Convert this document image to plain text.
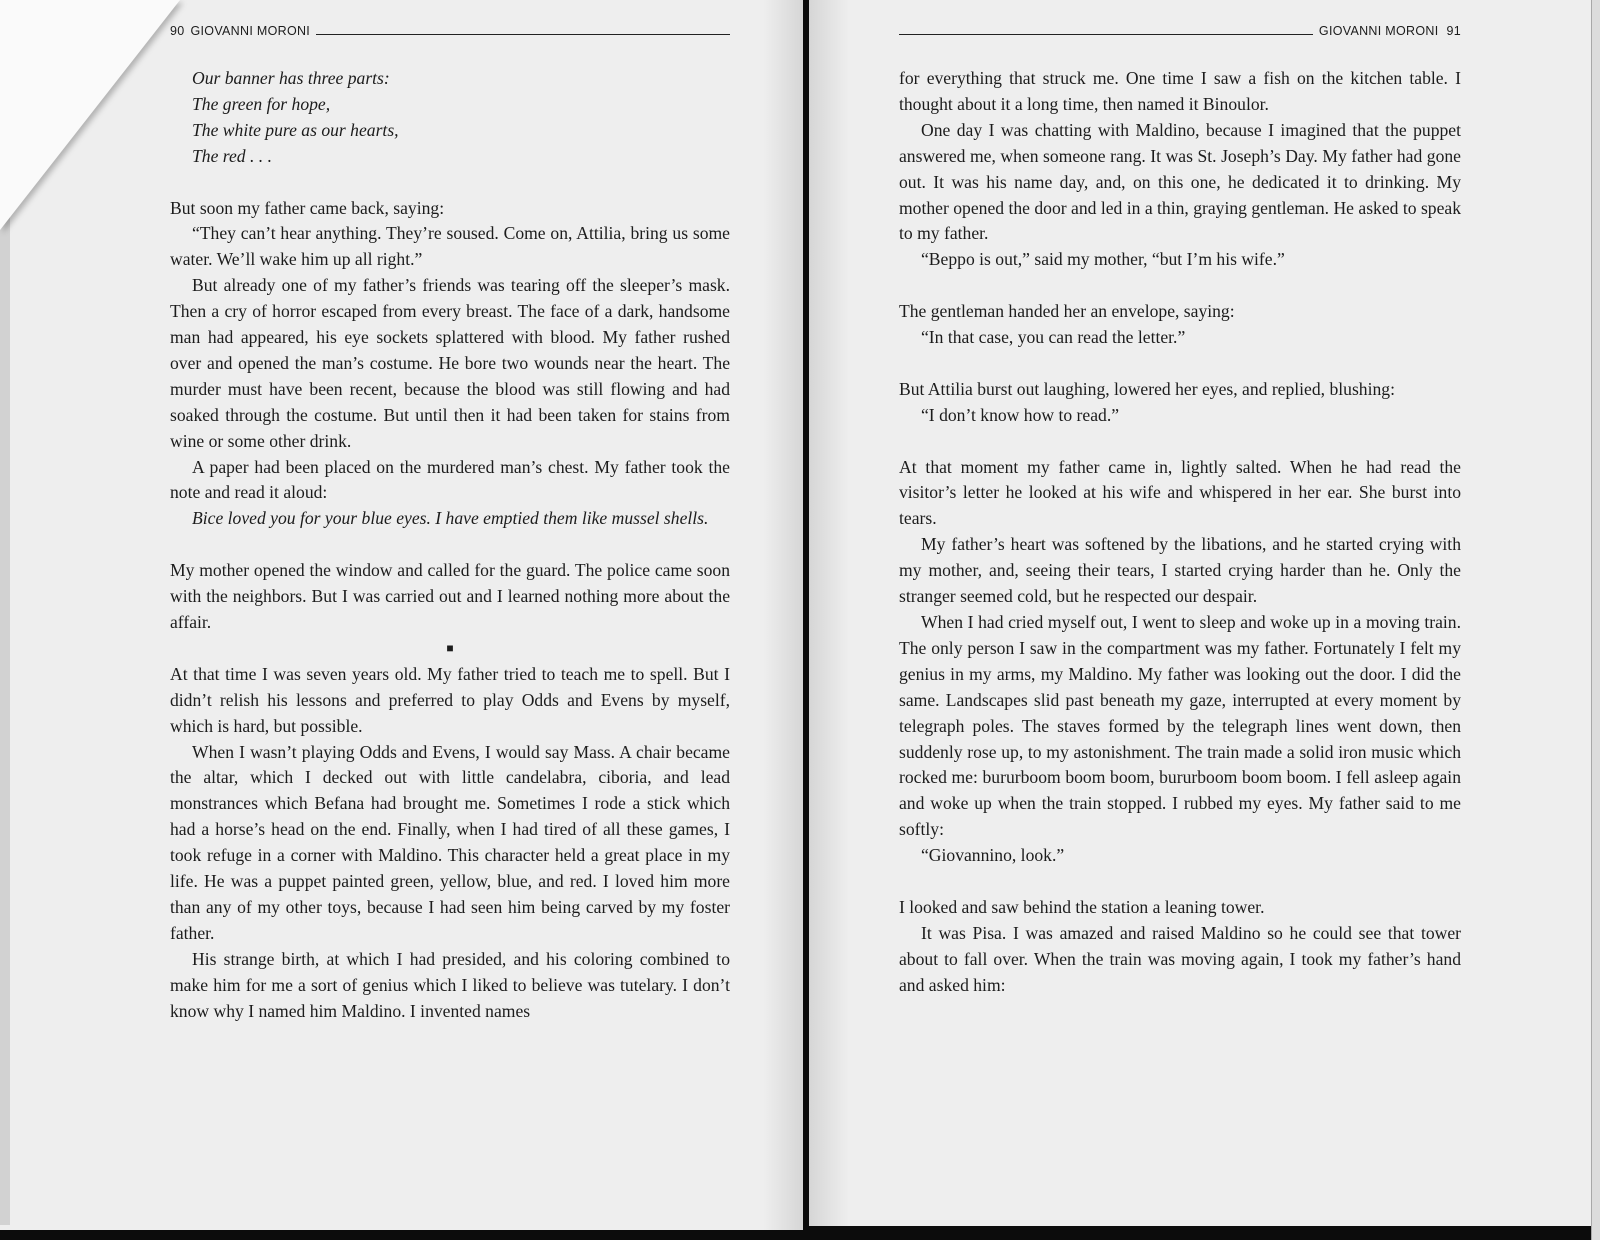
90 GIOVANNI MORONI

Our banner has three parts:

The green for hope,

The white pure as our hearts,

The red . . .

But soon my father came back, saying:

“They can’t hear anything. They’re soused. Come on, Attilia, bring us some water. We’ll wake him up all right.”

But already one of my father’s friends was tearing off the sleeper’s mask. Then a cry of horror escaped from every breast. The face of a dark, handsome man had appeared, his eye sockets splattered with blood. My father rushed over and opened the man’s costume. He bore two wounds near the heart. The murder must have been recent, because the blood was still flowing and had soaked through the costume. But until then it had been taken for stains from wine or some other drink.

A paper had been placed on the murdered man’s chest. My father took the note and read it aloud:

Bice loved you for your blue eyes. I have emptied them like mussel shells.

My mother opened the window and called for the guard. The police came soon with the neighbors. But I was carried out and I learned nothing more about the affair.

■

At that time I was seven years old. My father tried to teach me to spell. But I didn’t relish his lessons and preferred to play Odds and Evens by myself, which is hard, but possible.

When I wasn’t playing Odds and Evens, I would say Mass. A chair became the altar, which I decked out with little candelabra, ciboria, and lead monstrances which Befana had brought me. Sometimes I rode a stick which had a horse’s head on the end. Finally, when I had tired of all these games, I took refuge in a corner with Maldino. This character held a great place in my life. He was a puppet painted green, yellow, blue, and red. I loved him more than any of my other toys, because I had seen him being carved by my foster father.

His strange birth, at which I had presided, and his coloring combined to make him for me a sort of genius which I liked to believe was tutelary. I don’t know why I named him Maldino. I invented names

GIOVANNI MORONI 91

for everything that struck me. One time I saw a fish on the kitchen table. I thought about it a long time, then named it Binoulor.

One day I was chatting with Maldino, because I imagined that the puppet answered me, when someone rang. It was St. Joseph’s Day. My father had gone out. It was his name day, and, on this one, he dedicated it to drinking. My mother opened the door and led in a thin, graying gentleman. He asked to speak to my father.

“Beppo is out,” said my mother, “but I’m his wife.”

The gentleman handed her an envelope, saying:

“In that case, you can read the letter.”

But Attilia burst out laughing, lowered her eyes, and replied, blushing:

“I don’t know how to read.”

At that moment my father came in, lightly salted. When he had read the visitor’s letter he looked at his wife and whispered in her ear. She burst into tears.

My father’s heart was softened by the libations, and he started crying with my mother, and, seeing their tears, I started crying harder than he. Only the stranger seemed cold, but he respected our despair.

When I had cried myself out, I went to sleep and woke up in a moving train. The only person I saw in the compartment was my father. Fortunately I felt my genius in my arms, my Maldino. My father was looking out the door. I did the same. Landscapes slid past beneath my gaze, interrupted at every moment by telegraph poles. The staves formed by the telegraph lines went down, then suddenly rose up, to my astonishment. The train made a solid iron music which rocked me: bururboom boom boom, bururboom boom boom. I fell asleep again and woke up when the train stopped. I rubbed my eyes. My father said to me softly:

“Giovannino, look.”

I looked and saw behind the station a leaning tower.

It was Pisa. I was amazed and raised Maldino so he could see that tower about to fall over. When the train was moving again, I took my father’s hand and asked him:
